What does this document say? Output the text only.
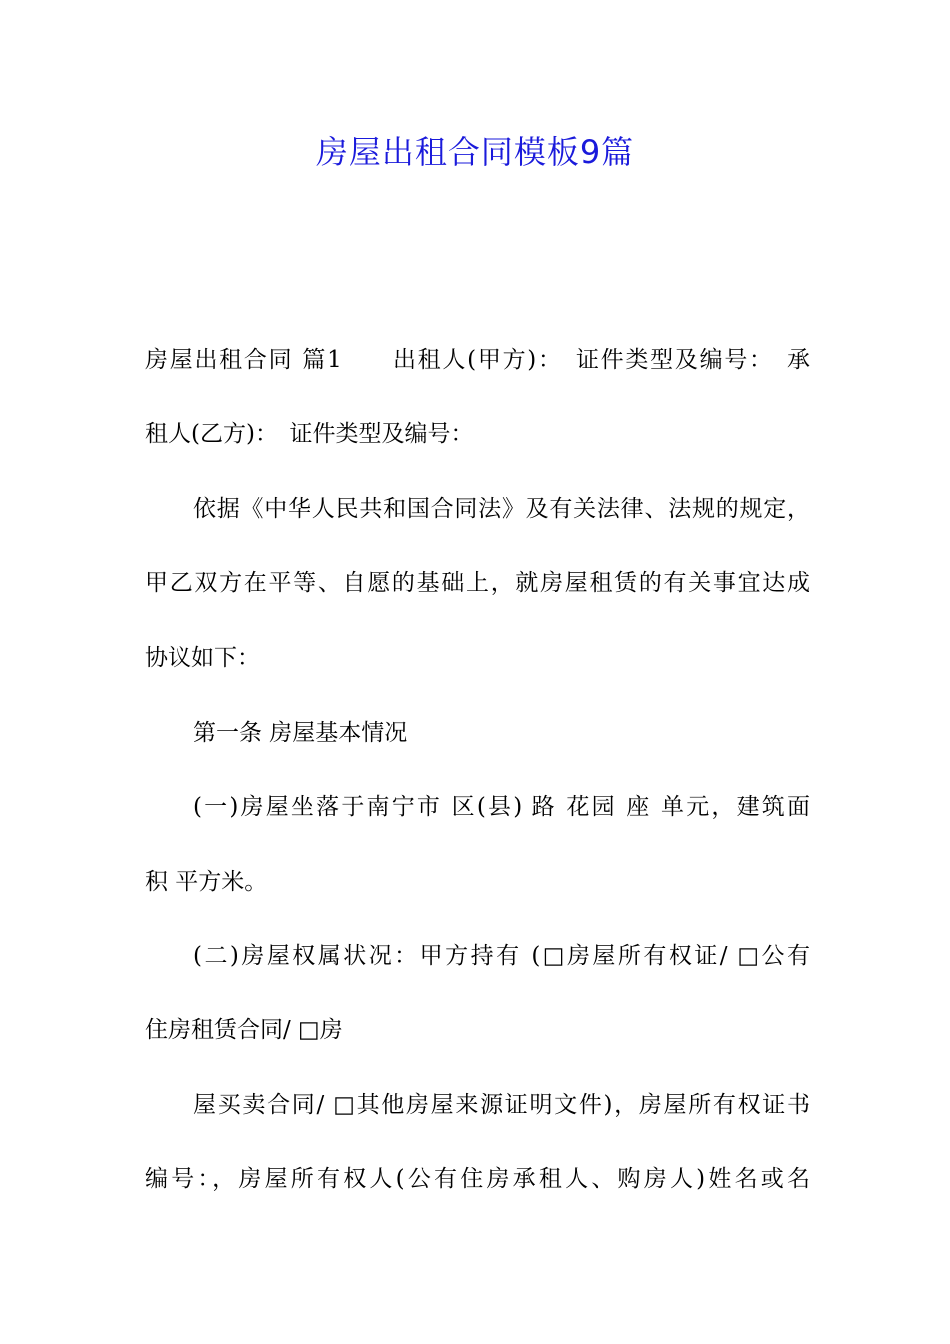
房屋出租合同模板9篇
房屋出租合同 篇1　　出租人(甲方)：　证件类型及编号：　承
租人(乙方)：　证件类型及编号：
依据《中华人民共和国合同法》及有关法律、法规的规定，
甲乙双方在平等、自愿的基础上，就房屋租赁的有关事宜达成
协议如下：
第一条 房屋基本情况
(一)房屋坐落于南宁市 区(县) 路 花园 座 单元，建筑面
积 平方米。
(二)房屋权属状况：甲方持有 (□房屋所有权证/ □公有
住房租赁合同/ □房
屋买卖合同/ □其他房屋来源证明文件)，房屋所有权证书
编号：，房屋所有权人(公有住房承租人、购房人)姓名或名
